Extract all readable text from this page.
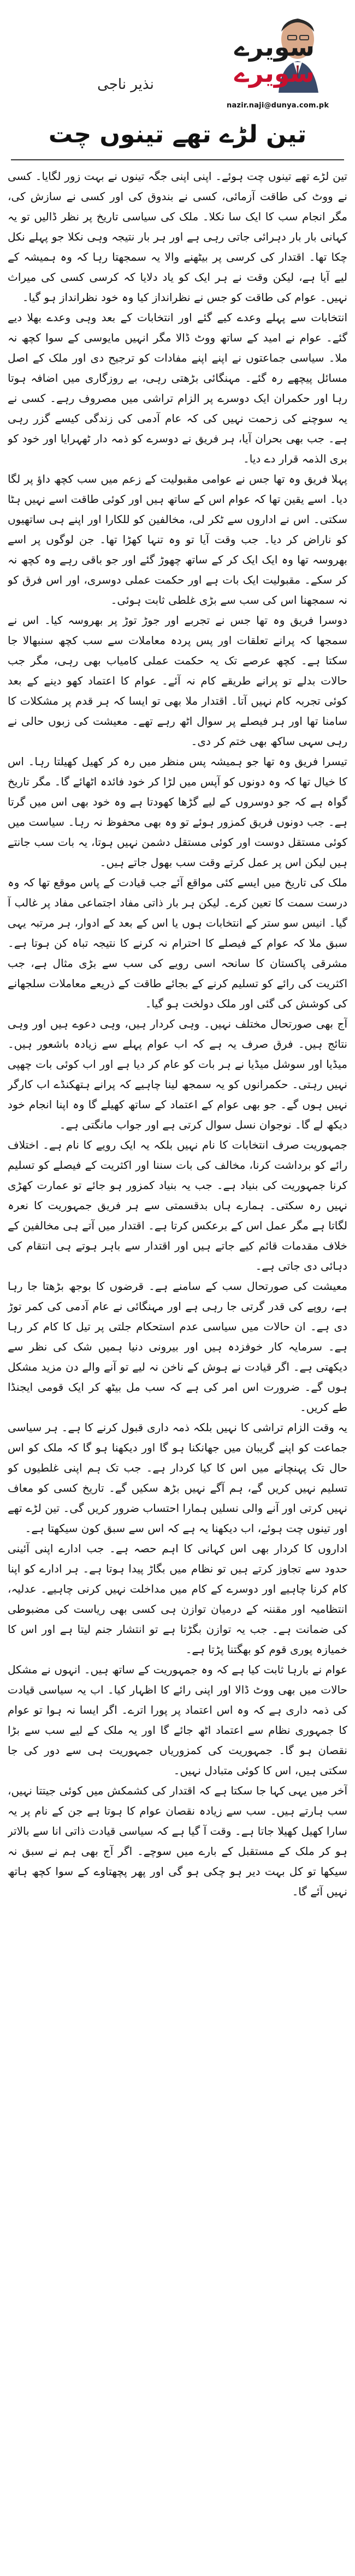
سویرے
سویرے
nazir.naji@dunya.com.pk
نذیر ناجی
تین لڑے تھے تینوں چت

تین لڑے تھے تینوں چت ہوئے۔ اپنی اپنی جگہ تینوں نے بہت زور لگایا۔ کسی نے ووٹ کی طاقت آزمائی، کسی نے بندوق کی اور کسی نے سازش کی، مگر انجام سب کا ایک سا نکلا۔ ملک کی سیاسی تاریخ پر نظر ڈالیں تو یہ کہانی بار بار دہرائی جاتی رہی ہے اور ہر بار نتیجہ وہی نکلا جو پہلے نکل چکا تھا۔ اقتدار کی کرسی پر بیٹھنے والا یہ سمجھتا رہا کہ وہ ہمیشہ کے لیے آیا ہے، لیکن وقت نے ہر ایک کو یاد دلایا کہ کرسی کسی کی میراث نہیں۔ عوام کی طاقت کو جس نے نظرانداز کیا وہ خود نظرانداز ہو گیا۔

انتخابات سے پہلے وعدے کیے گئے اور انتخابات کے بعد وہی وعدے بھلا دیے گئے۔ عوام نے امید کے ساتھ ووٹ ڈالا مگر انہیں مایوسی کے سوا کچھ نہ ملا۔ سیاسی جماعتوں نے اپنے اپنے مفادات کو ترجیح دی اور ملک کے اصل مسائل پیچھے رہ گئے۔ مہنگائی بڑھتی رہی، بے روزگاری میں اضافہ ہوتا رہا اور حکمران ایک دوسرے پر الزام تراشی میں مصروف رہے۔ کسی نے یہ سوچنے کی زحمت نہیں کی کہ عام آدمی کی زندگی کیسے گزر رہی ہے۔ جب بھی بحران آیا، ہر فریق نے دوسرے کو ذمہ دار ٹھہرایا اور خود کو بری الذمہ قرار دے دیا۔

پہلا فریق وہ تھا جس نے عوامی مقبولیت کے زعم میں سب کچھ داؤ پر لگا دیا۔ اسے یقین تھا کہ عوام اس کے ساتھ ہیں اور کوئی طاقت اسے نہیں ہٹا سکتی۔ اس نے اداروں سے ٹکر لی، مخالفین کو للکارا اور اپنے ہی ساتھیوں کو ناراض کر دیا۔ جب وقت آیا تو وہ تنہا کھڑا تھا۔ جن لوگوں پر اسے بھروسہ تھا وہ ایک ایک کر کے ساتھ چھوڑ گئے اور جو باقی رہے وہ کچھ نہ کر سکے۔ مقبولیت ایک بات ہے اور حکمت عملی دوسری، اور اس فرق کو نہ سمجھنا اس کی سب سے بڑی غلطی ثابت ہوئی۔

دوسرا فریق وہ تھا جس نے تجربے اور جوڑ توڑ پر بھروسہ کیا۔ اس نے سمجھا کہ پرانے تعلقات اور پس پردہ معاملات سے سب کچھ سنبھالا جا سکتا ہے۔ کچھ عرصے تک یہ حکمت عملی کامیاب بھی رہی، مگر جب حالات بدلے تو پرانے طریقے کام نہ آئے۔ عوام کا اعتماد کھو دینے کے بعد کوئی تجربہ کام نہیں آتا۔ اقتدار ملا بھی تو ایسا کہ ہر قدم پر مشکلات کا سامنا تھا اور ہر فیصلے پر سوال اٹھ رہے تھے۔ معیشت کی زبوں حالی نے رہی سہی ساکھ بھی ختم کر دی۔

تیسرا فریق وہ تھا جو ہمیشہ پس منظر میں رہ کر کھیل کھیلتا رہا۔ اس کا خیال تھا کہ وہ دونوں کو آپس میں لڑا کر خود فائدہ اٹھائے گا۔ مگر تاریخ گواہ ہے کہ جو دوسروں کے لیے گڑھا کھودتا ہے وہ خود بھی اس میں گرتا ہے۔ جب دونوں فریق کمزور ہوئے تو وہ بھی محفوظ نہ رہا۔ سیاست میں کوئی مستقل دوست اور کوئی مستقل دشمن نہیں ہوتا، یہ بات سب جانتے ہیں لیکن اس پر عمل کرتے وقت سب بھول جاتے ہیں۔

ملک کی تاریخ میں ایسے کئی مواقع آئے جب قیادت کے پاس موقع تھا کہ وہ درست سمت کا تعین کرے۔ لیکن ہر بار ذاتی مفاد اجتماعی مفاد پر غالب آ گیا۔ انیس سو ستر کے انتخابات ہوں یا اس کے بعد کے ادوار، ہر مرتبہ یہی سبق ملا کہ عوام کے فیصلے کا احترام نہ کرنے کا نتیجہ تباہ کن ہوتا ہے۔ مشرقی پاکستان کا سانحہ اسی رویے کی سب سے بڑی مثال ہے، جب اکثریت کی رائے کو تسلیم کرنے کے بجائے طاقت کے ذریعے معاملات سلجھانے کی کوشش کی گئی اور ملک دولخت ہو گیا۔

آج بھی صورتحال مختلف نہیں۔ وہی کردار ہیں، وہی دعوے ہیں اور وہی نتائج ہیں۔ فرق صرف یہ ہے کہ اب عوام پہلے سے زیادہ باشعور ہیں۔ میڈیا اور سوشل میڈیا نے ہر بات کو عام کر دیا ہے اور اب کوئی بات چھپی نہیں رہتی۔ حکمرانوں کو یہ سمجھ لینا چاہیے کہ پرانے ہتھکنڈے اب کارگر نہیں ہوں گے۔ جو بھی عوام کے اعتماد کے ساتھ کھیلے گا وہ اپنا انجام خود دیکھ لے گا۔ نوجوان نسل سوال کرتی ہے اور جواب مانگتی ہے۔

جمہوریت صرف انتخابات کا نام نہیں بلکہ یہ ایک رویے کا نام ہے۔ اختلاف رائے کو برداشت کرنا، مخالف کی بات سننا اور اکثریت کے فیصلے کو تسلیم کرنا جمہوریت کی بنیاد ہے۔ جب یہ بنیاد کمزور ہو جائے تو عمارت کھڑی نہیں رہ سکتی۔ ہمارے ہاں بدقسمتی سے ہر فریق جمہوریت کا نعرہ لگاتا ہے مگر عمل اس کے برعکس کرتا ہے۔ اقتدار میں آتے ہی مخالفین کے خلاف مقدمات قائم کیے جاتے ہیں اور اقتدار سے باہر ہوتے ہی انتقام کی دہائی دی جاتی ہے۔

معیشت کی صورتحال سب کے سامنے ہے۔ قرضوں کا بوجھ بڑھتا جا رہا ہے، روپے کی قدر گرتی جا رہی ہے اور مہنگائی نے عام آدمی کی کمر توڑ دی ہے۔ ان حالات میں سیاسی عدم استحکام جلتی پر تیل کا کام کر رہا ہے۔ سرمایہ کار خوفزدہ ہیں اور بیرونی دنیا ہمیں شک کی نظر سے دیکھتی ہے۔ اگر قیادت نے ہوش کے ناخن نہ لیے تو آنے والے دن مزید مشکل ہوں گے۔ ضرورت اس امر کی ہے کہ سب مل بیٹھ کر ایک قومی ایجنڈا طے کریں۔

یہ وقت الزام تراشی کا نہیں بلکہ ذمہ داری قبول کرنے کا ہے۔ ہر سیاسی جماعت کو اپنے گریبان میں جھانکنا ہو گا اور دیکھنا ہو گا کہ ملک کو اس حال تک پہنچانے میں اس کا کیا کردار ہے۔ جب تک ہم اپنی غلطیوں کو تسلیم نہیں کریں گے، ہم آگے نہیں بڑھ سکیں گے۔ تاریخ کسی کو معاف نہیں کرتی اور آنے والی نسلیں ہمارا احتساب ضرور کریں گی۔ تین لڑے تھے اور تینوں چت ہوئے، اب دیکھنا یہ ہے کہ اس سے سبق کون سیکھتا ہے۔

اداروں کا کردار بھی اس کہانی کا اہم حصہ ہے۔ جب ادارے اپنی آئینی حدود سے تجاوز کرتے ہیں تو نظام میں بگاڑ پیدا ہوتا ہے۔ ہر ادارے کو اپنا کام کرنا چاہیے اور دوسرے کے کام میں مداخلت نہیں کرنی چاہیے۔ عدلیہ، انتظامیہ اور مقننہ کے درمیان توازن ہی کسی بھی ریاست کی مضبوطی کی ضمانت ہے۔ جب یہ توازن بگڑتا ہے تو انتشار جنم لیتا ہے اور اس کا خمیازہ پوری قوم کو بھگتنا پڑتا ہے۔

عوام نے بارہا ثابت کیا ہے کہ وہ جمہوریت کے ساتھ ہیں۔ انہوں نے مشکل حالات میں بھی ووٹ ڈالا اور اپنی رائے کا اظہار کیا۔ اب یہ سیاسی قیادت کی ذمہ داری ہے کہ وہ اس اعتماد پر پورا اترے۔ اگر ایسا نہ ہوا تو عوام کا جمہوری نظام سے اعتماد اٹھ جائے گا اور یہ ملک کے لیے سب سے بڑا نقصان ہو گا۔ جمہوریت کی کمزوریاں جمہوریت ہی سے دور کی جا سکتی ہیں، اس کا کوئی متبادل نہیں۔

آخر میں یہی کہا جا سکتا ہے کہ اقتدار کی کشمکش میں کوئی جیتتا نہیں، سب ہارتے ہیں۔ سب سے زیادہ نقصان عوام کا ہوتا ہے جن کے نام پر یہ سارا کھیل کھیلا جاتا ہے۔ وقت آ گیا ہے کہ سیاسی قیادت ذاتی انا سے بالاتر ہو کر ملک کے مستقبل کے بارے میں سوچے۔ اگر آج بھی ہم نے سبق نہ سیکھا تو کل بہت دیر ہو چکی ہو گی اور پھر پچھتاوے کے سوا کچھ ہاتھ نہیں آئے گا۔
